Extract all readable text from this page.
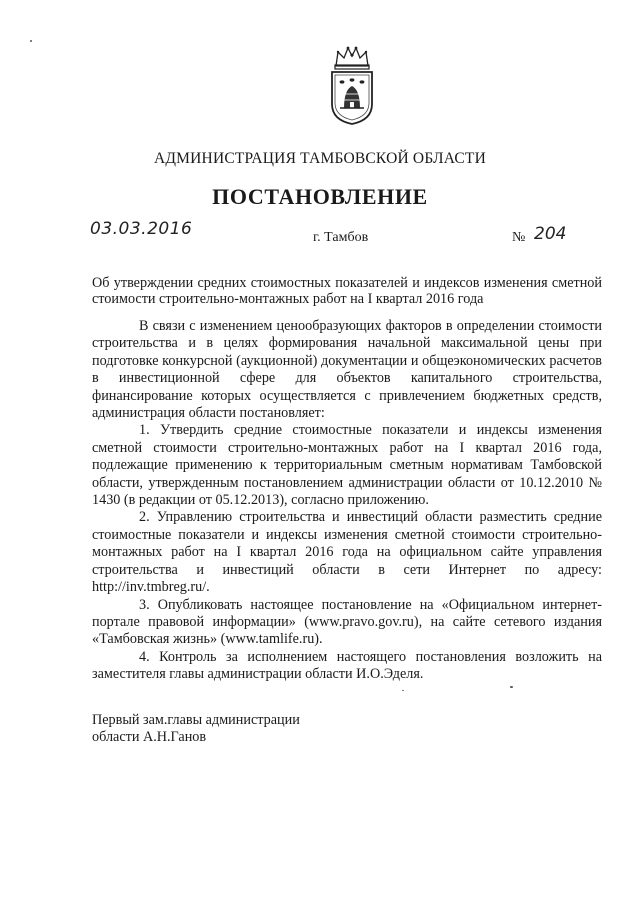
АДМИНИСТРАЦИЯ ТАМБОВСКОЙ ОБЛАСТИ
ПОСТАНОВЛЕНИЕ
03.03.2016	г. Тамбов	№ 204
Об утверждении средних стоимостных показателей и индексов изменения сметной стоимости строительно-монтажных работ на I квартал 2016 года

В связи с изменением ценообразующих факторов в определении стоимости строительства и в целях формирования начальной максимальной цены при подготовке конкурсной (аукционной) документации и общеэкономических расчетов в инвестиционной сфере для объектов капитального строительства, финансирование которых осуществляется с привлечением бюджетных средств, администрация области постановляет:

1. Утвердить средние стоимостные показатели и индексы изменения сметной стоимости строительно-монтажных работ на I квартал 2016 года, подлежащие применению к территориальным сметным нормативам Тамбовской области, утвержденным постановлением администрации области от 10.12.2010 № 1430 (в редакции от 05.12.2013), согласно приложению.

2. Управлению строительства и инвестиций области разместить средние стоимостные показатели и индексы изменения сметной стоимости строительно-монтажных работ на I квартал 2016 года на официальном сайте управления строительства и инвестиций области в сети Интернет по адресу: http://inv.tmbreg.ru/.

3. Опубликовать настоящее постановление на «Официальном интернет-портале правовой информации» (www.pravo.gov.ru), на сайте сетевого издания «Тамбовская жизнь» (www.tamlife.ru).

4. Контроль за исполнением настоящего постановления возложить на заместителя главы администрации области И.О.Эделя.

Первый зам.главы администрации
области А.Н.Ганов
